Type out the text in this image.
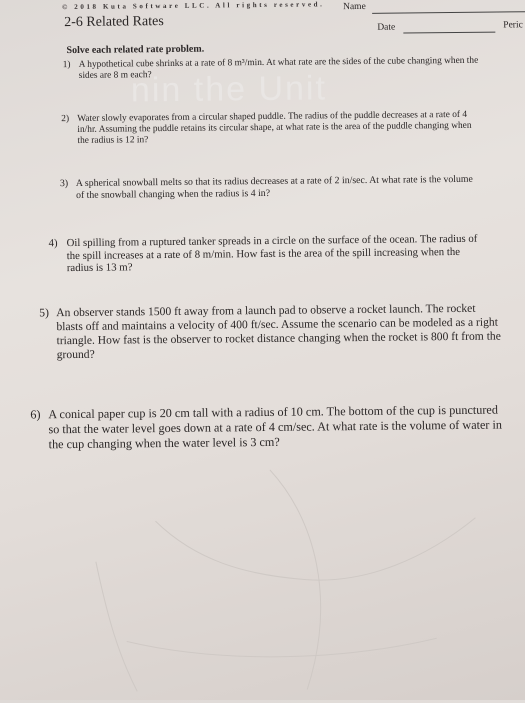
© 2018 Kuta Software LLC. All rights reserved.
2-6 Related Rates
Name
Date	Peric
Solve each related rate problem.
nin the Unit
1) A hypothetical cube shrinks at a rate of 8 m³/min. At what rate are the sides of the cube changing when the sides are 8 m each?
2) Water slowly evaporates from a circular shaped puddle. The radius of the puddle decreases at a rate of 4 in/hr. Assuming the puddle retains its circular shape, at what rate is the area of the puddle changing when the radius is 12 in?
3) A spherical snowball melts so that its radius decreases at a rate of 2 in/sec. At what rate is the volume of the snowball changing when the radius is 4 in?
4) Oil spilling from a ruptured tanker spreads in a circle on the surface of the ocean. The radius of the spill increases at a rate of 8 m/min. How fast is the area of the spill increasing when the radius is 13 m?
5) An observer stands 1500 ft away from a launch pad to observe a rocket launch. The rocket blasts off and maintains a velocity of 400 ft/sec. Assume the scenario can be modeled as a right triangle. How fast is the observer to rocket distance changing when the rocket is 800 ft from the ground?
6) A conical paper cup is 20 cm tall with a radius of 10 cm. The bottom of the cup is punctured so that the water level goes down at a rate of 4 cm/sec. At what rate is the volume of water in the cup changing when the water level is 3 cm?
